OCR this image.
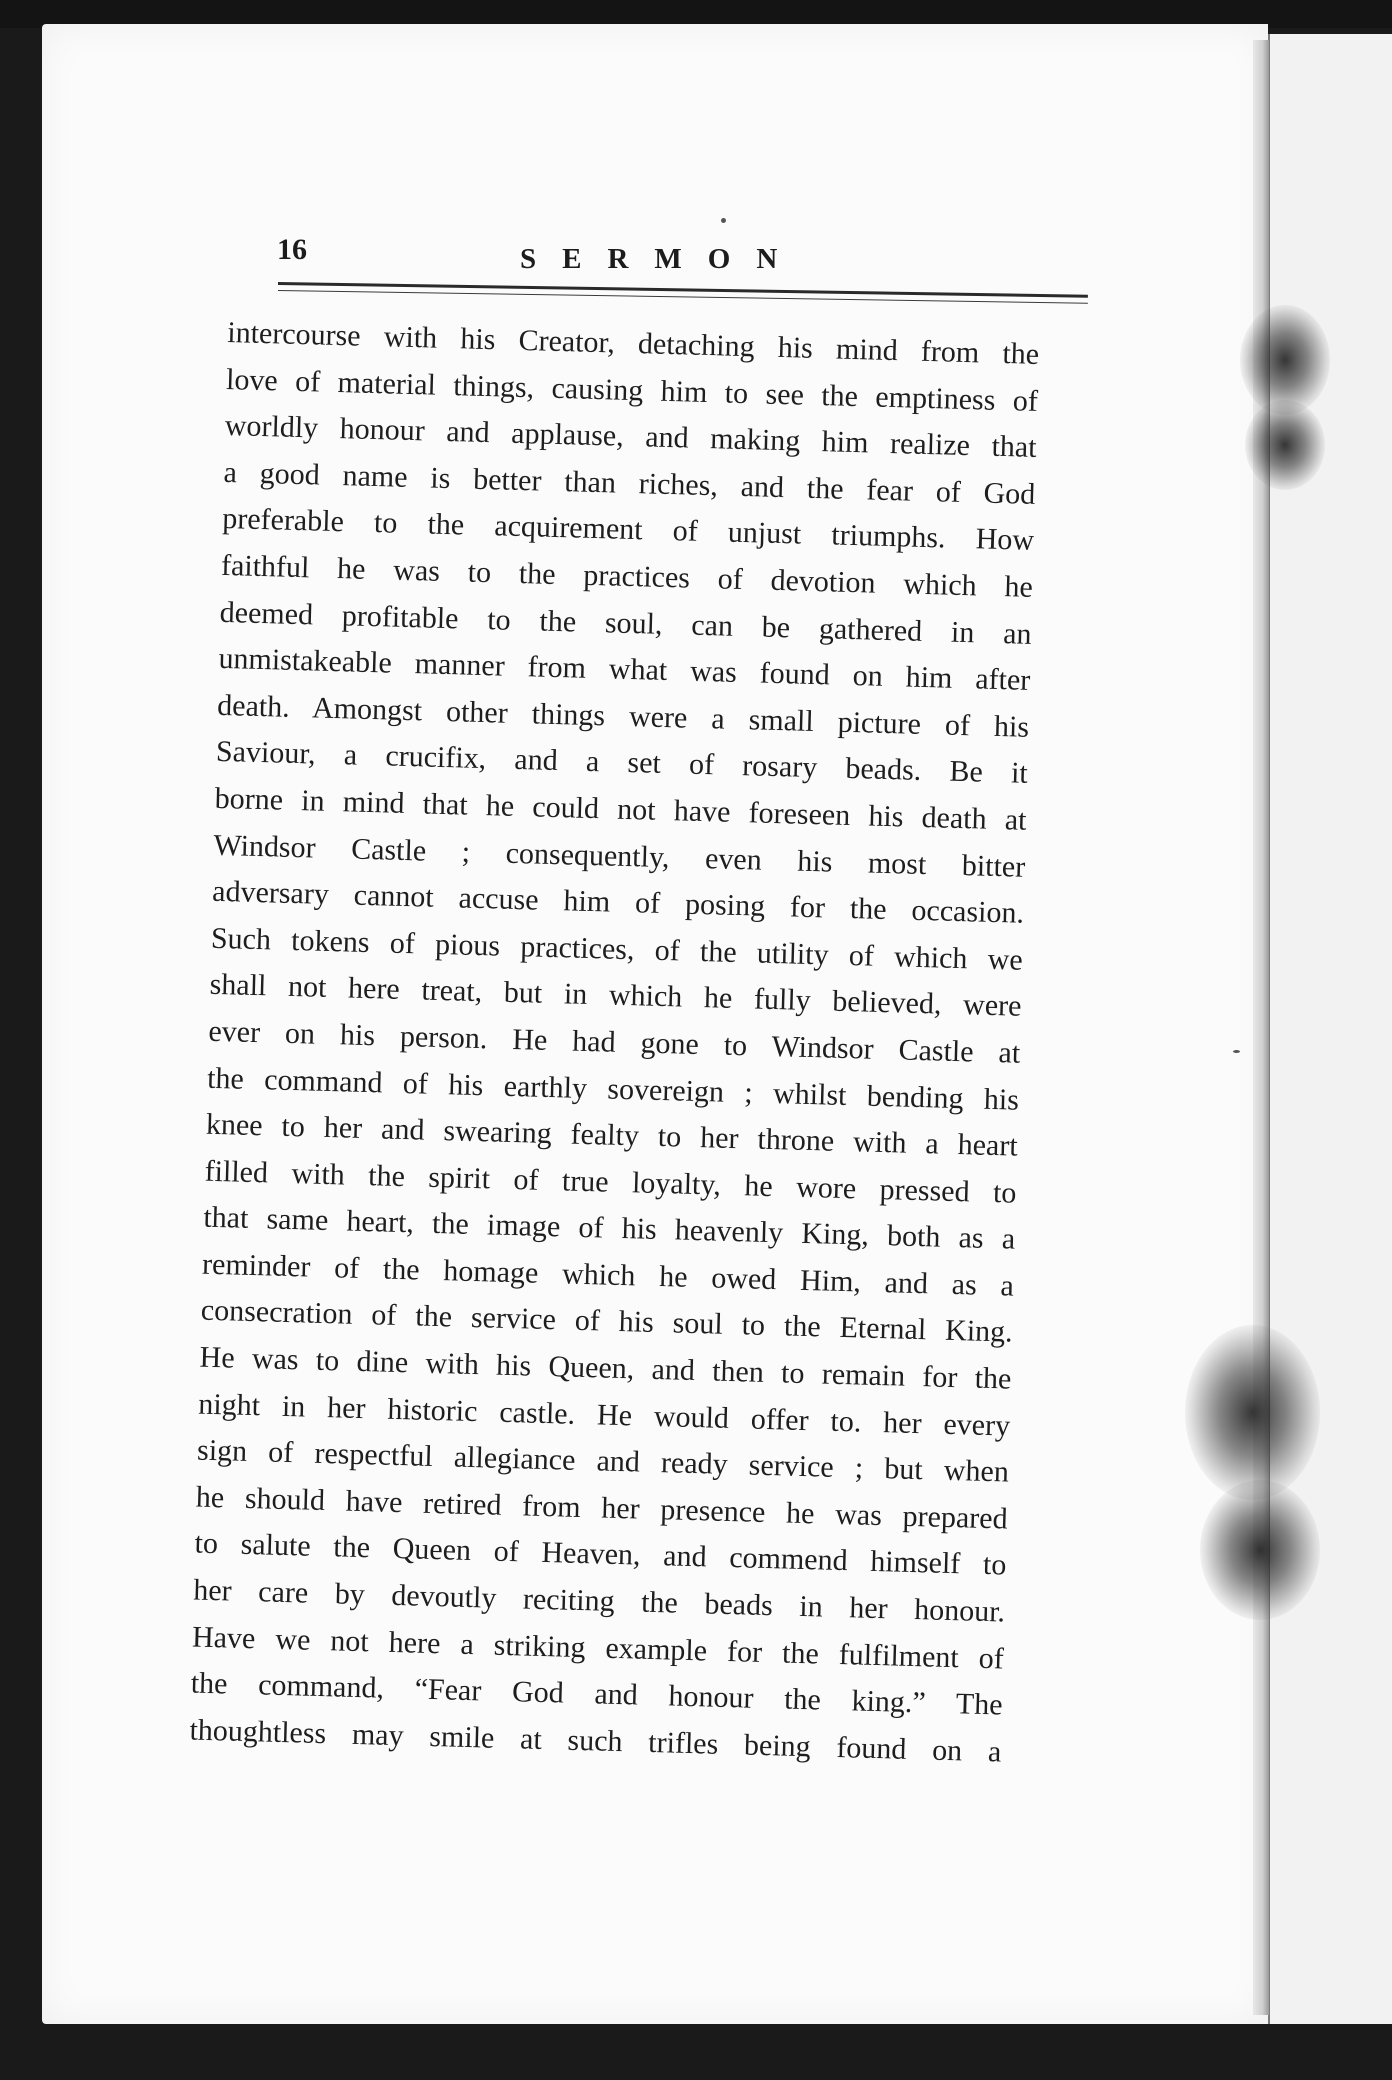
16	SERMON
intercourse with his Creator, detaching his mind from the
love of material things, causing him to see the emptiness of
worldly honour and applause, and making him realize that
a good name is better than riches, and the fear of God
preferable to the acquirement of unjust triumphs. How
faithful he was to the practices of devotion which he
deemed profitable to the soul, can be gathered in an
unmistakeable manner from what was found on him after
death. Amongst other things were a small picture of his
Saviour, a crucifix, and a set of rosary beads. Be it
borne in mind that he could not have foreseen his death at
Windsor Castle ; consequently, even his most bitter
adversary cannot accuse him of posing for the occasion.
Such tokens of pious practices, of the utility of which we
shall not here treat, but in which he fully believed, were
ever on his person. He had gone to Windsor Castle at
the command of his earthly sovereign ; whilst bending his
knee to her and swearing fealty to her throne with a heart
filled with the spirit of true loyalty, he wore pressed to
that same heart, the image of his heavenly King, both as a
reminder of the homage which he owed Him, and as a
consecration of the service of his soul to the Eternal King.
He was to dine with his Queen, and then to remain for the
night in her historic castle. He would offer to. her every
sign of respectful allegiance and ready service ; but when
he should have retired from her presence he was prepared
to salute the Queen of Heaven, and commend himself to
her care by devoutly reciting the beads in her honour.
Have we not here a striking example for the fulfilment of
the command, “Fear God and honour the king.” The
thoughtless may smile at such trifles being found on a
